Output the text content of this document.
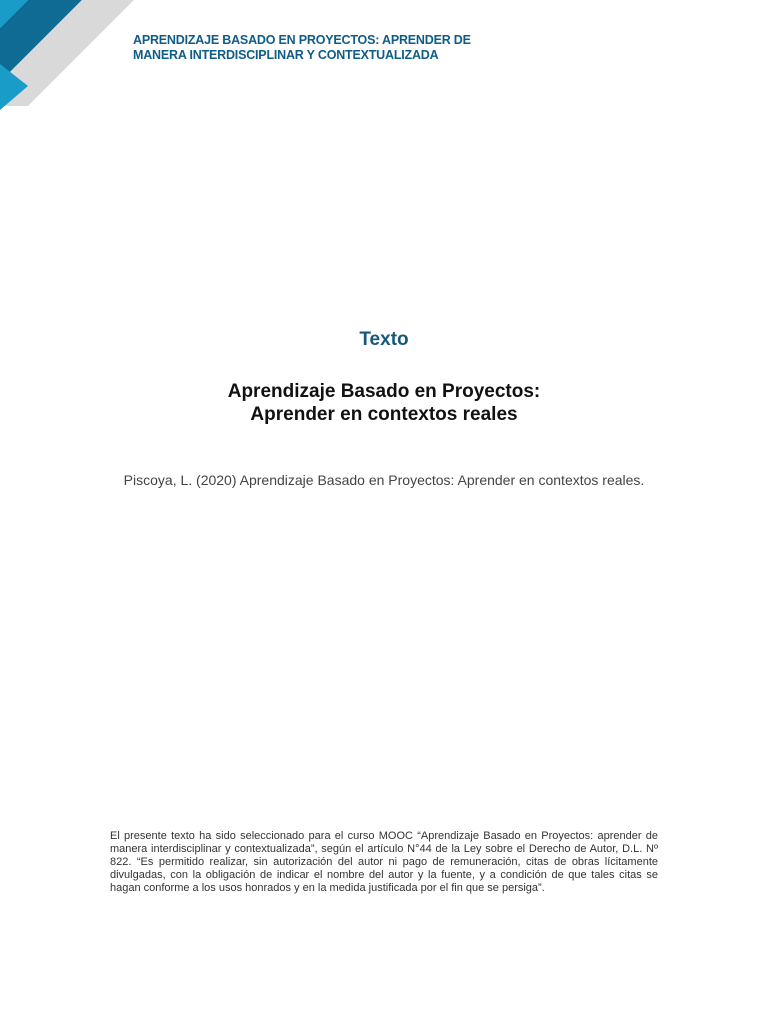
APRENDIZAJE BASADO EN PROYECTOS: APRENDER DE
MANERA INTERDISCIPLINAR Y CONTEXTUALIZADA
Texto
Aprendizaje Basado en Proyectos:
Aprender en contextos reales
Piscoya, L. (2020) Aprendizaje Basado en Proyectos: Aprender en contextos reales.
El presente texto ha sido seleccionado para el curso MOOC “Aprendizaje Basado en Proyectos: aprender de manera interdisciplinar y contextualizada”, según el artículo N°44 de la Ley sobre el Derecho de Autor, D.L. Nº 822. “Es permitido realizar, sin autorización del autor ni pago de remuneración, citas de obras lícitamente divulgadas, con la obligación de indicar el nombre del autor y la fuente, y a condición de que tales citas se hagan conforme a los usos honrados y en la medida justificada por el fin que se persiga”.
